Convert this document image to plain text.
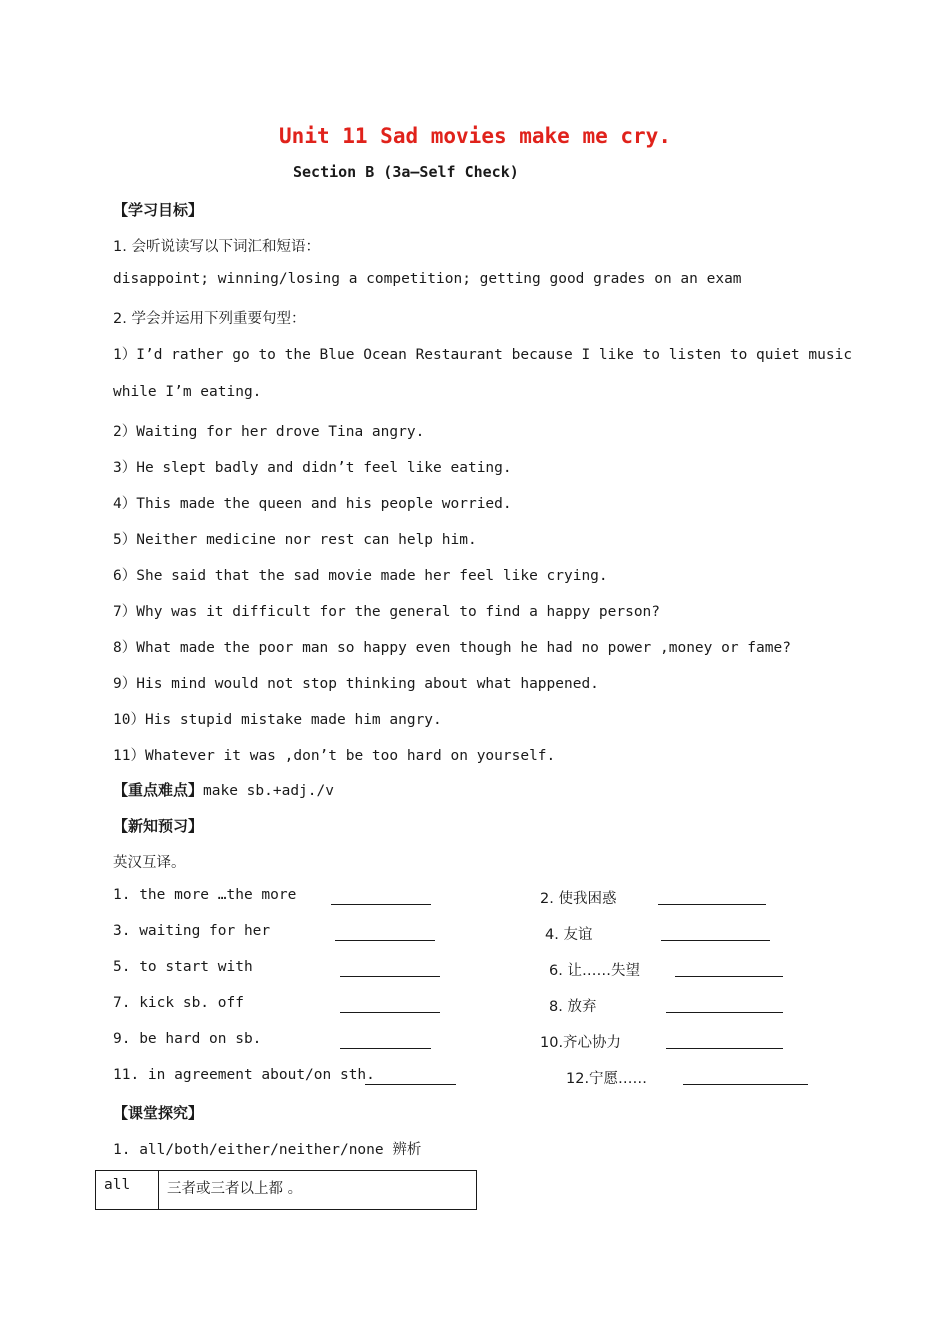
Unit 11 Sad movies make me cry.
Section B (3a—Self Check)
【学习目标】
1. 会听说读写以下词汇和短语：
disappoint; winning/losing a competition; getting good grades on an exam
2. 学会并运用下列重要句型：
1）I’d rather go to the Blue Ocean Restaurant because I like to listen to quiet music
while I’m eating.
2）Waiting for her drove Tina angry.
3）He slept badly and didn’t feel like eating.
4）This made the queen and his people worried.
5）Neither medicine nor rest can help him.
6）She said that the sad movie made her feel like crying.
7）Why was it difficult for the general to find a happy person?
8）What made the poor man so happy even though he had no power ,money or fame?
9）His mind would not stop thinking about what happened.
10）His stupid mistake made him angry.
11）Whatever it was ,don’t be too hard on yourself.
【重点难点】make sb.+adj./v
【新知预习】
英汉互译。
1. the more …the more	2. 使我困惑
3. waiting for her	4. 友谊
5. to start with	6. 让……失望
7. kick sb. off	8. 放弃
9. be hard on sb.	10.齐心协力
11. in agreement about/on sth.	12.宁愿……
【课堂探究】
1. all/both/either/neither/none 辨析
all	三者或三者以上都 。
